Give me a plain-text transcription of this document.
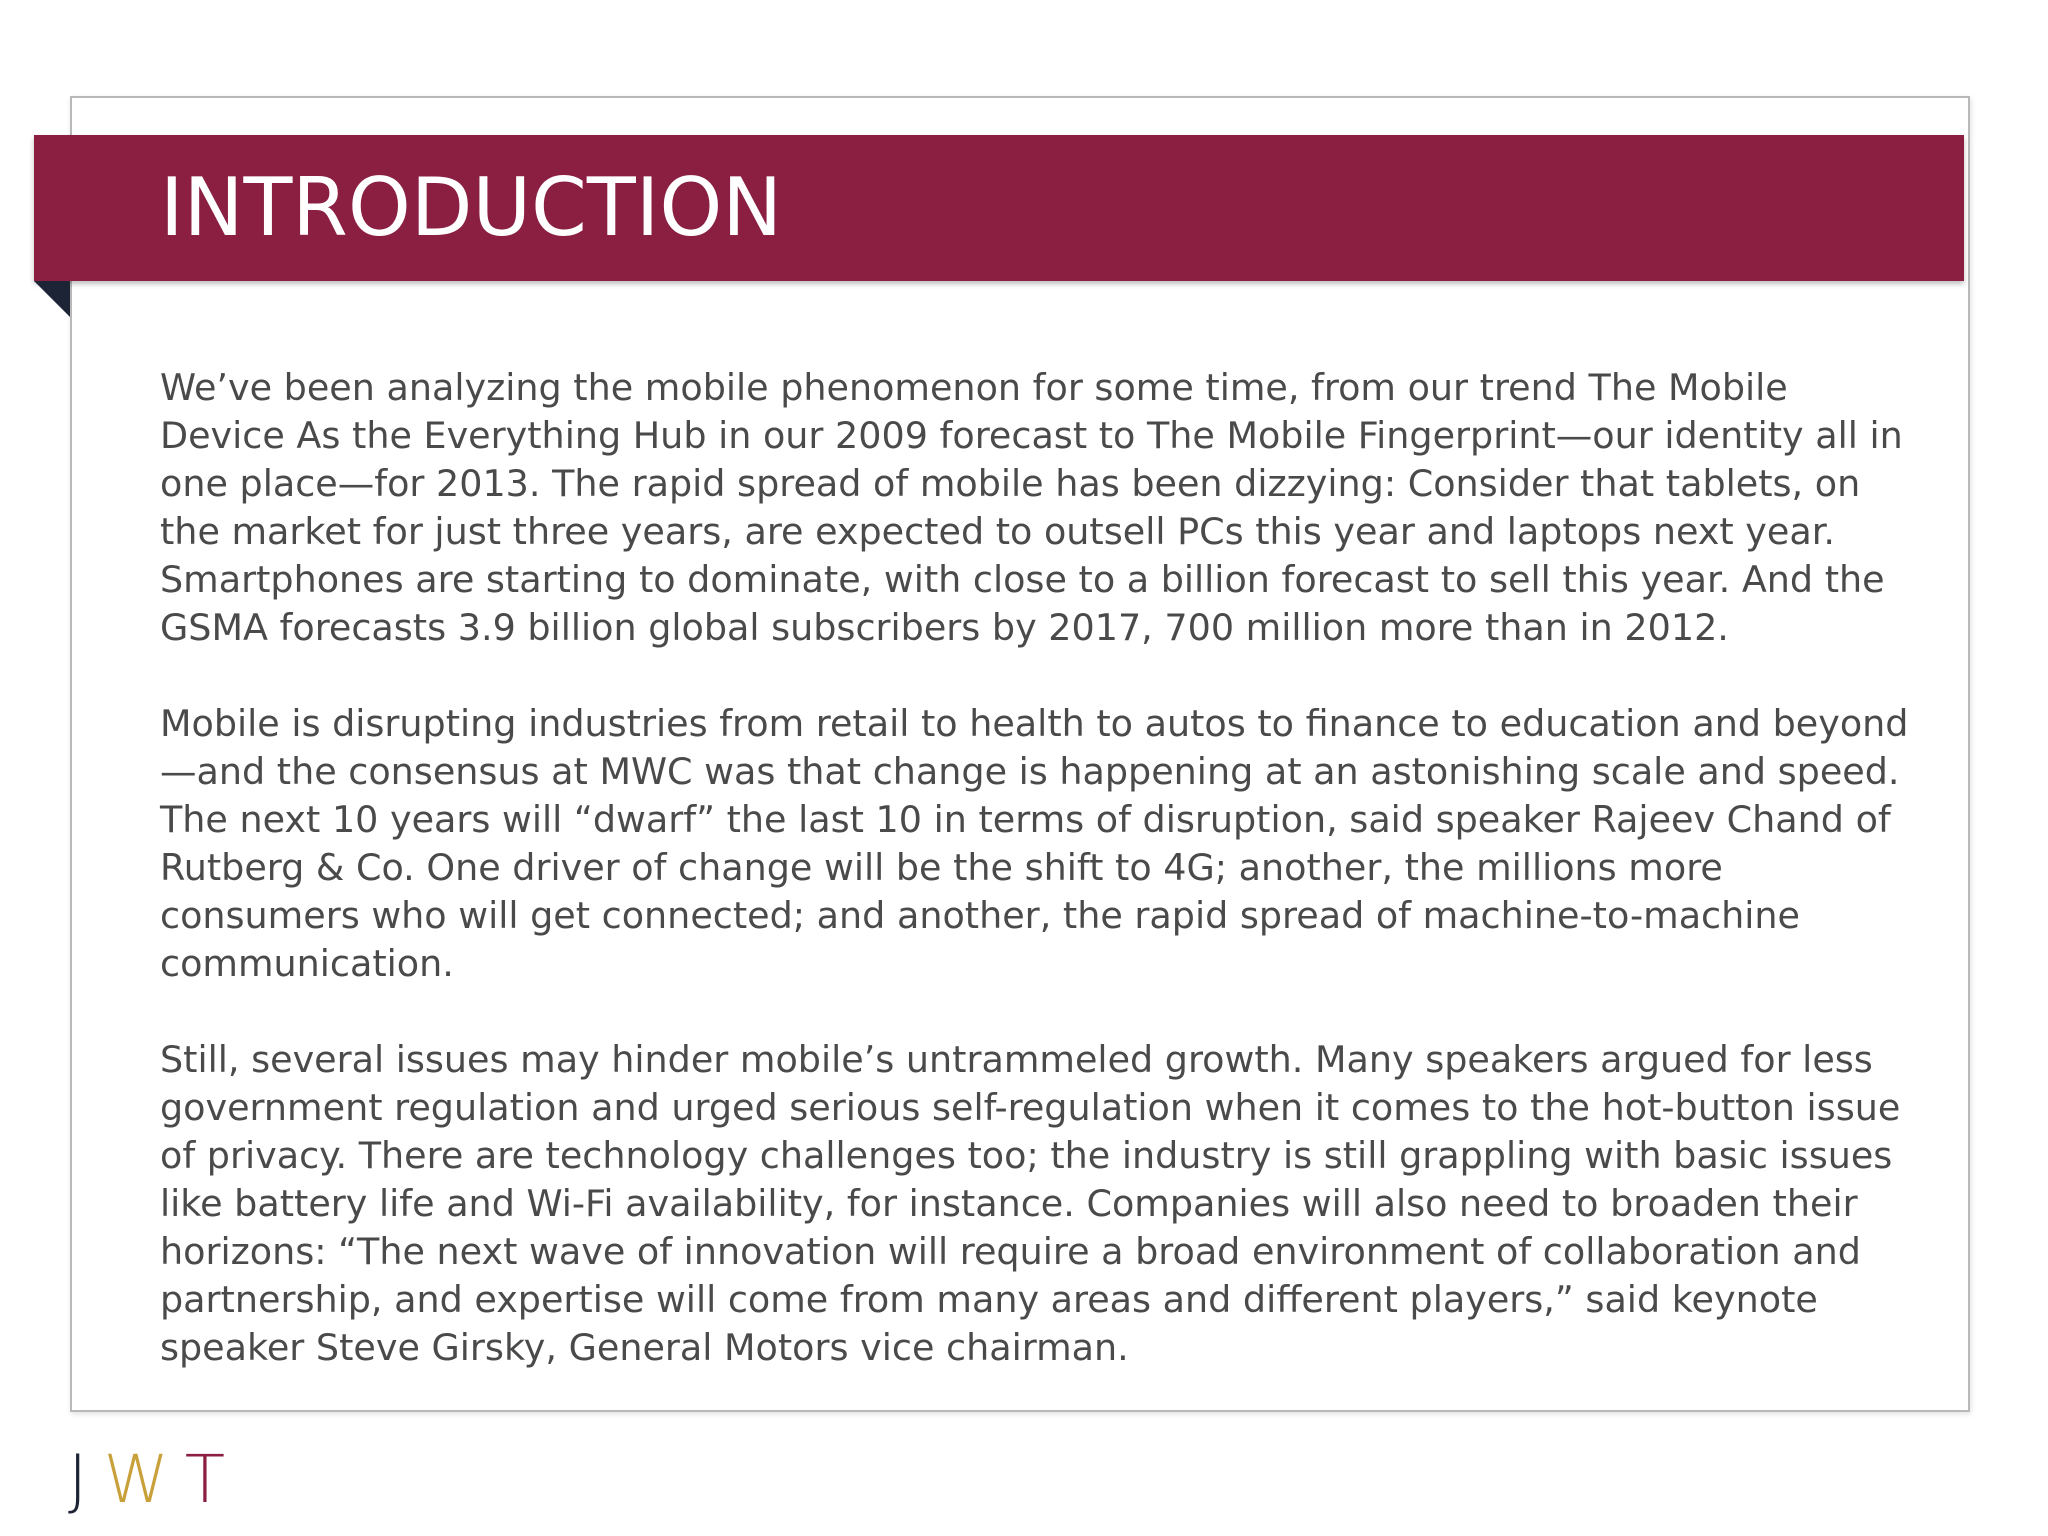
INTRODUCTION

We’ve been analyzing the mobile phenomenon for some time, from our trend The Mobile Device As the Everything Hub in our 2009 forecast to The Mobile Fingerprint—our identity all in one place—for 2013. The rapid spread of mobile has been dizzying: Consider that tablets, on the market for just three years, are expected to outsell PCs this year and laptops next year. Smartphones are starting to dominate, with close to a billion forecast to sell this year. And the GSMA forecasts 3.9 billion global subscribers by 2017, 700 million more than in 2012.

Mobile is disrupting industries from retail to health to autos to finance to education and beyond—and the consensus at MWC was that change is happening at an astonishing scale and speed. The next 10 years will “dwarf” the last 10 in terms of disruption, said speaker Rajeev Chand of Rutberg & Co. One driver of change will be the shift to 4G; another, the millions more consumers who will get connected; and another, the rapid spread of machine-to-machine communication.

Still, several issues may hinder mobile’s untrammeled growth. Many speakers argued for less government regulation and urged serious self-regulation when it comes to the hot-button issue of privacy. There are technology challenges too; the industry is still grappling with basic issues like battery life and Wi-Fi availability, for instance. Companies will also need to broaden their horizons: “The next wave of innovation will require a broad environment of collaboration and partnership, and expertise will come from many areas and different players,” said keynote speaker Steve Girsky, General Motors vice chairman.

JWT
